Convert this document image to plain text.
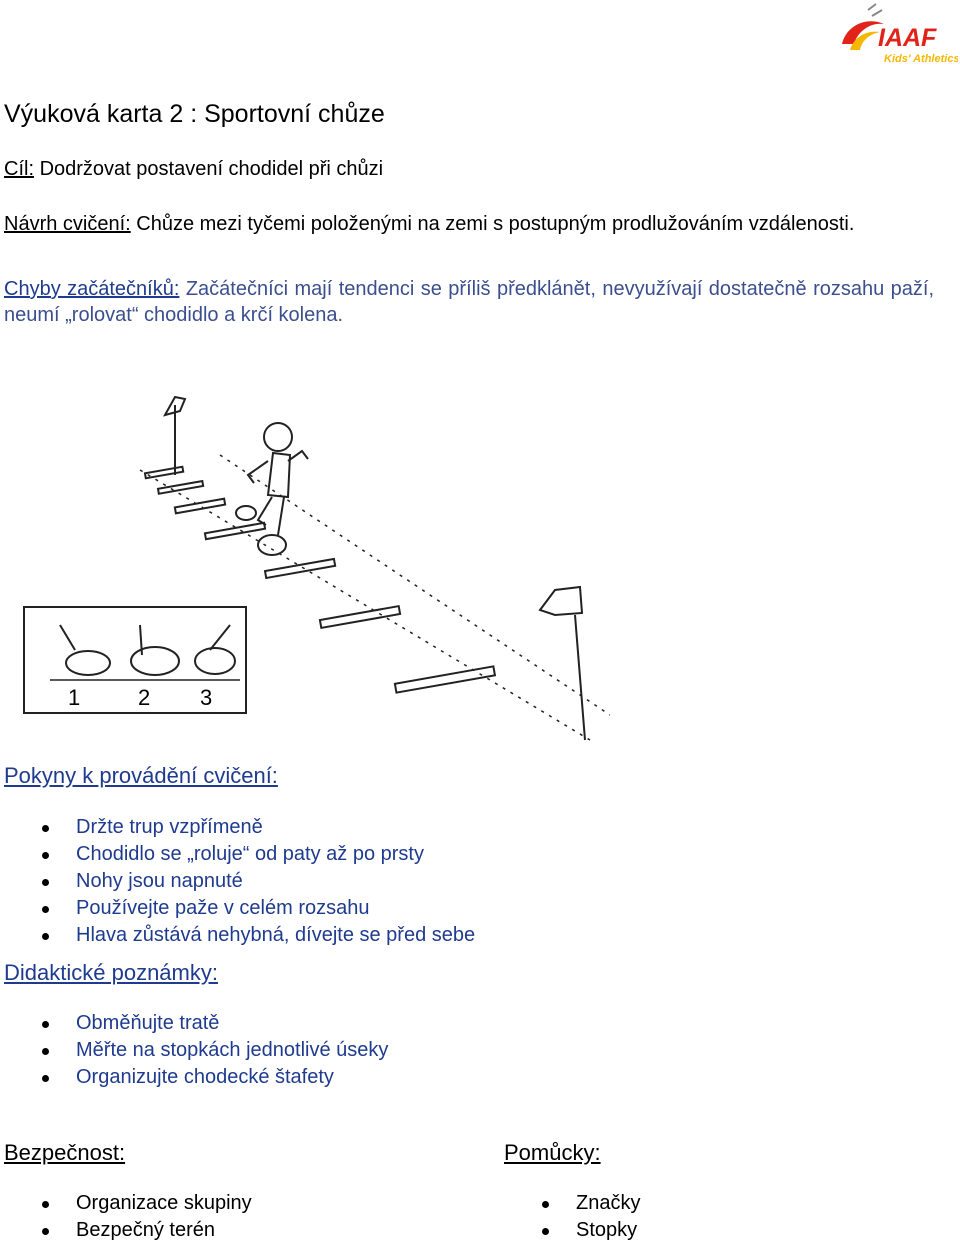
IAAF
Kids' Athletics
Výuková karta 2 : Sportovní chůze
Cíl: Dodržovat postavení chodidel při chůzi
Návrh cvičení: Chůze mezi tyčemi položenými na zemi s postupným prodlužováním vzdálenosti.
Chyby začátečníků: Začátečníci mají tendenci se příliš předklánět, nevyužívají dostatečně rozsahu paží, neumí „rolovat“ chodidlo a krčí kolena.
1	2 3
Pokyny k provádění cvičení:
Držte trup vzpřímeně
Chodidlo se „roluje“ od paty až po prsty
Nohy jsou napnuté
Používejte paže v celém rozsahu
Hlava zůstává nehybná, dívejte se před sebe
Didaktické poznámky:
Obměňujte tratě
Měřte na stopkách jednotlivé úseky
Organizujte chodecké štafety
Bezpečnost:
Organizace skupiny
Bezpečný terén
Pomůcky:
Značky
Stopky
